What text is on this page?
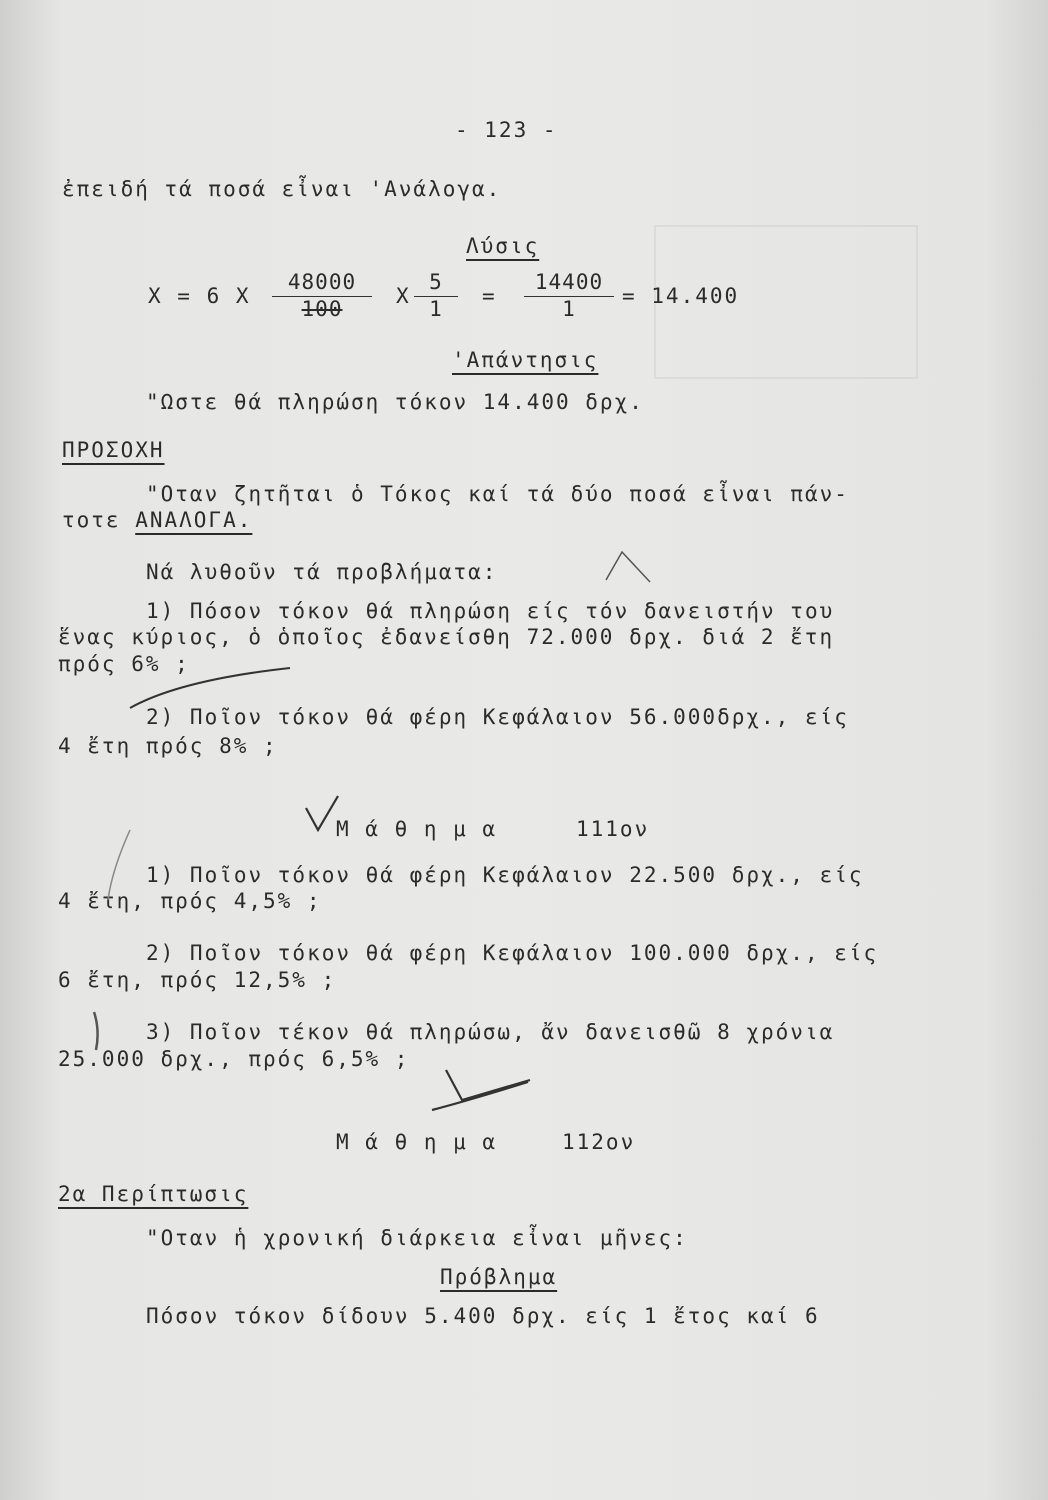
- 123 -
ἐπειδή τά ποσά εἶναι 'Ανάλογα.
Λύσις
X = 6 X $\frac{48000}{100}$ X $\frac{5}{1} = \frac{14400}{1} = 14.400$
'Απάντησις
"Ωστε θά πληρώση τόκον 14.400 δρχ.
ΠΡΟΣΟΧΗ
"Οταν ζητῆται ὁ Τόκος καί τά δύο ποσά εἶναι πάν-
τοτε ΑΝΑΛΟΓΑ.
Νά λυθοῦν τά προβλήματα:
1) Πόσον τόκον θά πληρώση είς τόν δανειστήν του
ἕνας κύριος, ὁ ὁποῖος ἐδανείσθη 72.000 δρχ. διά 2 ἔτη
πρός 6% ;
2) Ποῖον τόκον θά φέρη Κεφάλαιον 56.000δρχ., είς
4 ἔτη πρός 8% ;
Μ ά θ η μ α	111ον
1) Ποῖον τόκον θά φέρη Κεφάλαιον 22.500 δρχ., είς
4 ἔτη, πρός 4,5% ;
2) Ποῖον τόκον θά φέρη Κεφάλαιον 100.000 δρχ., είς
6 ἔτη, πρός 12,5% ;
3) Ποῖον τέκον θά πληρώσω, ἄν δανεισθῶ 8 χρόνια
25.000 δρχ., πρός 6,5% ;
Μ ά θ η μ α	112ον
2α Περίπτωσις
"Οταν ἡ χρονική διάρκεια εἶναι μῆνες:
Πρόβλημα
Πόσον τόκον δίδουν 5.400 δρχ. είς 1 ἔτος καί 6
